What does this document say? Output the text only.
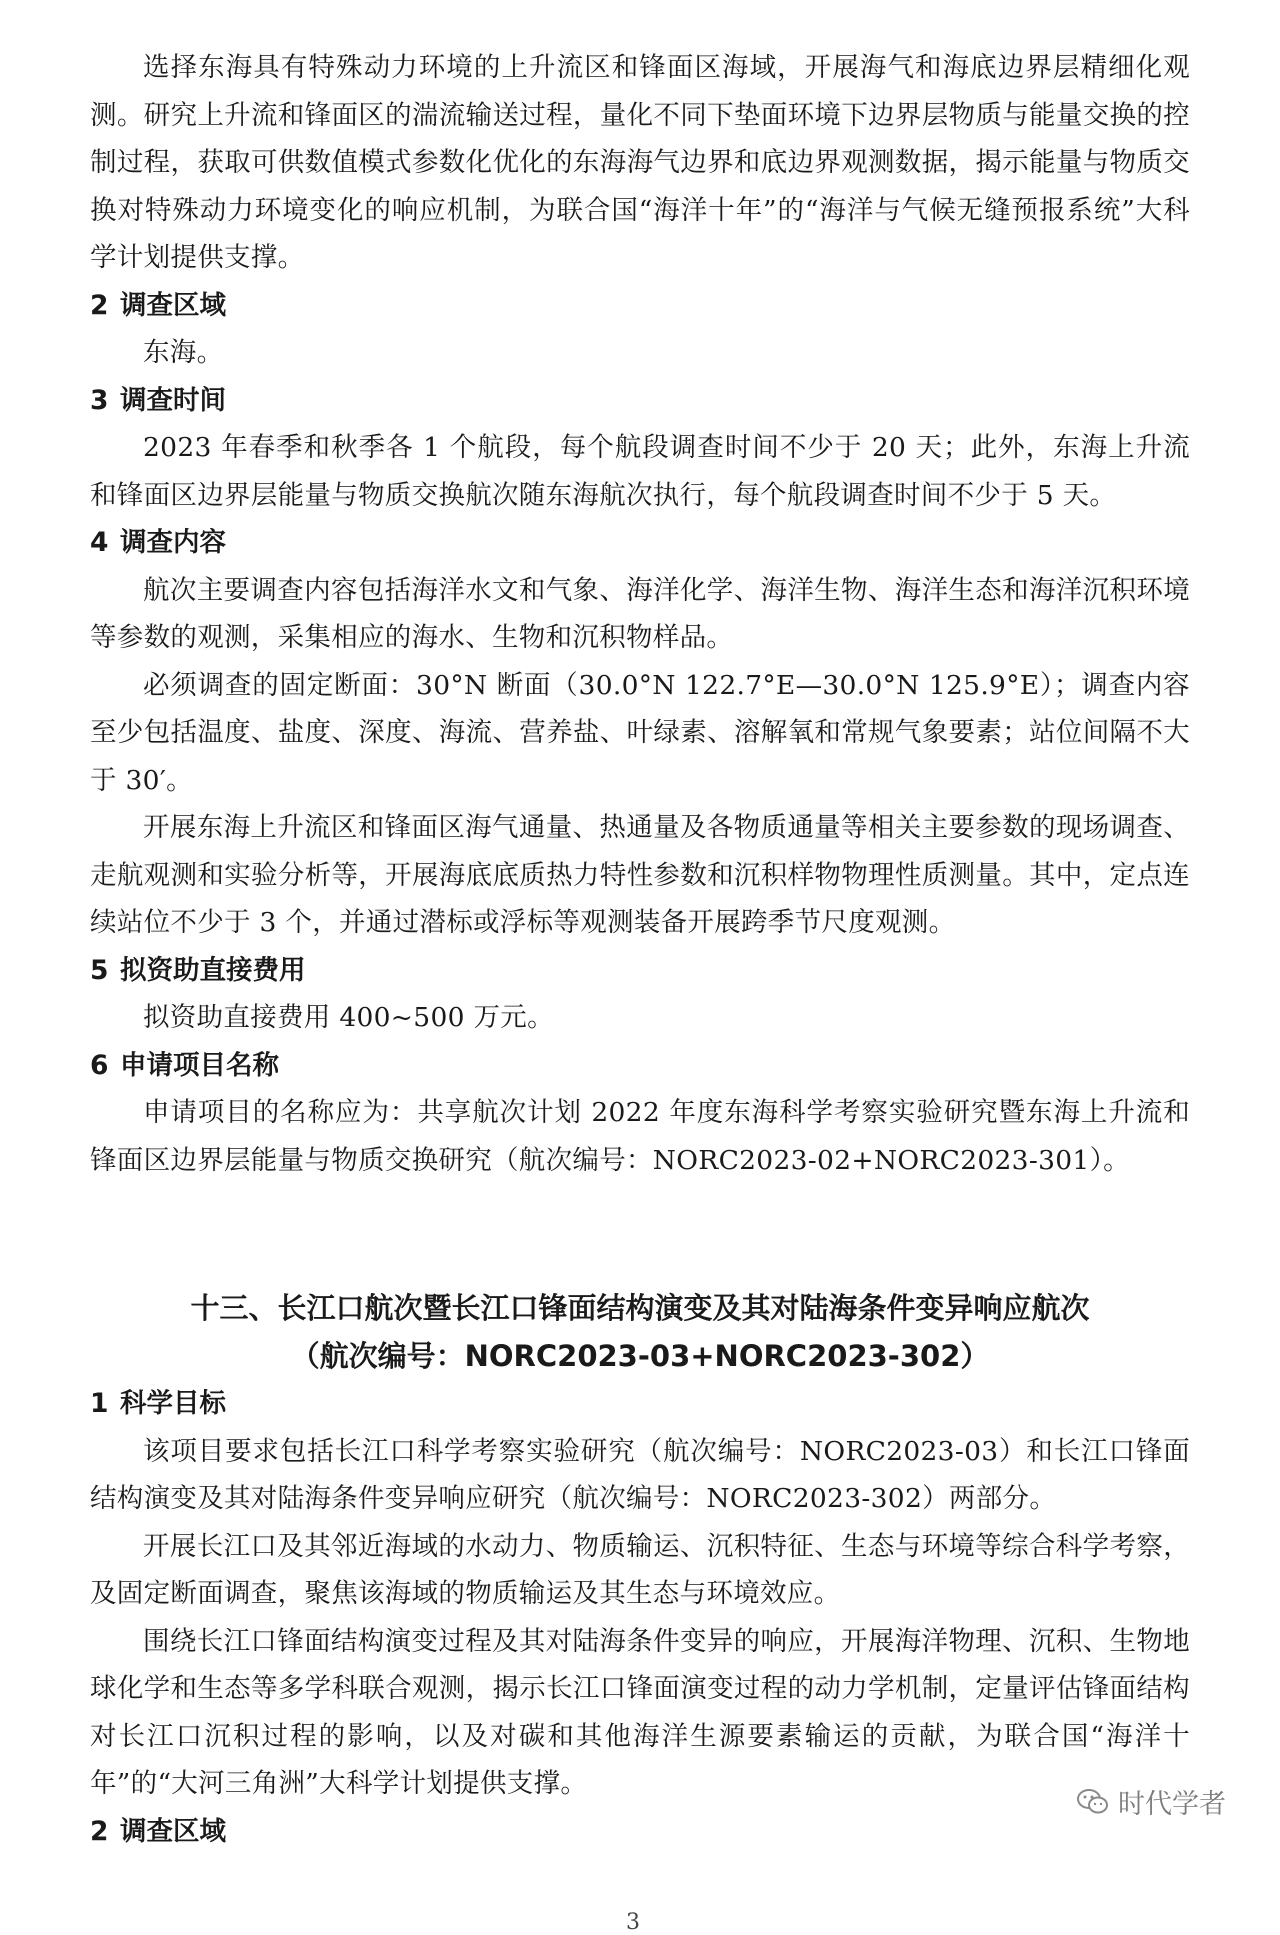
选择东海具有特殊动力环境的上升流区和锋面区海域，开展海气和海底边界层精细化观测。研究上升流和锋面区的湍流输送过程，量化不同下垫面环境下边界层物质与能量交换的控制过程，获取可供数值模式参数化优化的东海海气边界和底边界观测数据，揭示能量与物质交换对特殊动力环境变化的响应机制，为联合国“海洋十年”的“海洋与气候无缝预报系统”大科学计划提供支撑。

2 调查区域

东海。

3 调查时间

2023 年春季和秋季各 1 个航段，每个航段调查时间不少于 20 天；此外，东海上升流和锋面区边界层能量与物质交换航次随东海航次执行，每个航段调查时间不少于 5 天。

4 调查内容

航次主要调查内容包括海洋水文和气象、海洋化学、海洋生物、海洋生态和海洋沉积环境等参数的观测，采集相应的海水、生物和沉积物样品。

必须调查的固定断面：30°N 断面（30.0°N 122.7°E—30.0°N 125.9°E）；调查内容至少包括温度、盐度、深度、海流、营养盐、叶绿素、溶解氧和常规气象要素；站位间隔不大于 30′。

开展东海上升流区和锋面区海气通量、热通量及各物质通量等相关主要参数的现场调查、走航观测和实验分析等，开展海底底质热力特性参数和沉积样物物理性质测量。其中，定点连续站位不少于 3 个，并通过潜标或浮标等观测装备开展跨季节尺度观测。

5 拟资助直接费用

拟资助直接费用 400~500 万元。

6 申请项目名称

申请项目的名称应为：共享航次计划 2022 年度东海科学考察实验研究暨东海上升流和锋面区边界层能量与物质交换研究（航次编号：NORC2023-02+NORC2023-301）。

十三、长江口航次暨长江口锋面结构演变及其对陆海条件变异响应航次
（航次编号：NORC2023-03+NORC2023-302）
1 科学目标

该项目要求包括长江口科学考察实验研究（航次编号：NORC2023-03）和长江口锋面结构演变及其对陆海条件变异响应研究（航次编号：NORC2023-302）两部分。

开展长江口及其邻近海域的水动力、物质输运、沉积特征、生态与环境等综合科学考察，及固定断面调查，聚焦该海域的物质输运及其生态与环境效应。

围绕长江口锋面结构演变过程及其对陆海条件变异的响应，开展海洋物理、沉积、生物地球化学和生态等多学科联合观测，揭示长江口锋面演变过程的动力学机制，定量评估锋面结构对长江口沉积过程的影响，以及对碳和其他海洋生源要素输运的贡献，为联合国“海洋十年”的“大河三角洲”大科学计划提供支撑。

2 调查区域
时代学者
3
